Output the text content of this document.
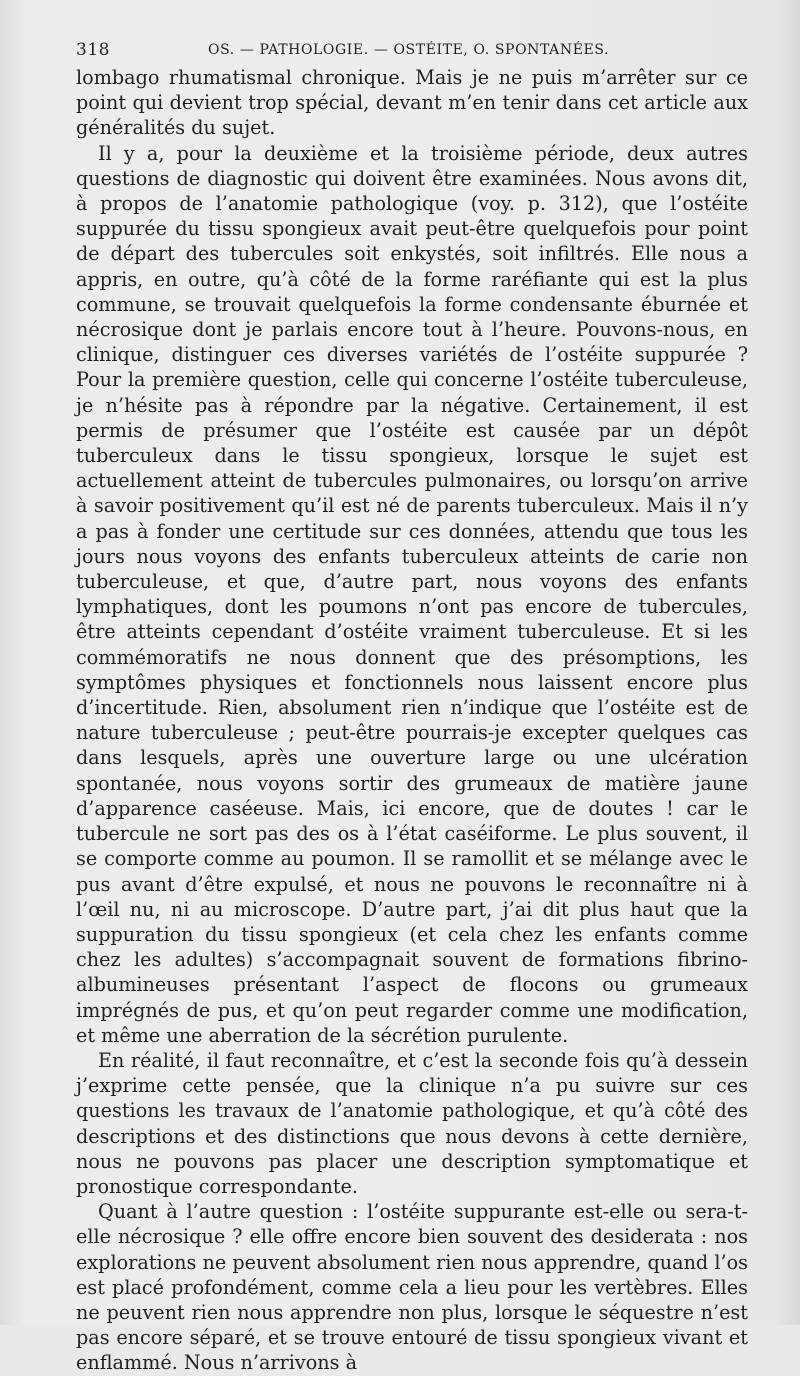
318	OS. — PATHOLOGIE. — OSTÉITE, O. SPONTANÉES.

lombago rhumatismal chronique. Mais je ne puis m’arrêter sur ce point qui devient trop spécial, devant m’en tenir dans cet article aux généralités du sujet.

Il y a, pour la deuxième et la troisième période, deux autres questions de diagnostic qui doivent être examinées. Nous avons dit, à propos de l’anatomie pathologique (voy. p. 312), que l’ostéite suppurée du tissu spongieux avait peut-être quelquefois pour point de départ des tubercules soit enkystés, soit infiltrés. Elle nous a appris, en outre, qu’à côté de la forme raréfiante qui est la plus commune, se trouvait quelquefois la forme condensante éburnée et nécrosique dont je parlais encore tout à l’heure. Pouvons-nous, en clinique, distinguer ces diverses variétés de l’ostéite suppurée ? Pour la première question, celle qui concerne l’ostéite tuberculeuse, je n’hésite pas à répondre par la négative. Certainement, il est permis de présumer que l’ostéite est causée par un dépôt tuberculeux dans le tissu spongieux, lorsque le sujet est actuellement atteint de tubercules pulmonaires, ou lorsqu’on arrive à savoir positivement qu’il est né de parents tuberculeux. Mais il n’y a pas à fonder une certitude sur ces données, attendu que tous les jours nous voyons des enfants tuberculeux atteints de carie non tuberculeuse, et que, d’autre part, nous voyons des enfants lymphatiques, dont les poumons n’ont pas encore de tubercules, être atteints cependant d’ostéite vraiment tuberculeuse. Et si les commémoratifs ne nous donnent que des présomptions, les symptômes physiques et fonctionnels nous laissent encore plus d’incertitude. Rien, absolument rien n’indique que l’ostéite est de nature tuberculeuse ; peut-être pourrais-je excepter quelques cas dans lesquels, après une ouverture large ou une ulcération spontanée, nous voyons sortir des grumeaux de matière jaune d’apparence caséeuse. Mais, ici encore, que de doutes ! car le tubercule ne sort pas des os à l’état caséiforme. Le plus souvent, il se comporte comme au poumon. Il se ramollit et se mélange avec le pus avant d’être expulsé, et nous ne pouvons le reconnaître ni à l’œil nu, ni au microscope. D’autre part, j’ai dit plus haut que la suppuration du tissu spongieux (et cela chez les enfants comme chez les adultes) s’accompagnait souvent de formations fibrino-albumineuses présentant l’aspect de flocons ou grumeaux imprégnés de pus, et qu’on peut regarder comme une modification, et même une aberration de la sécrétion purulente.

En réalité, il faut reconnaître, et c’est la seconde fois qu’à dessein j’exprime cette pensée, que la clinique n’a pu suivre sur ces questions les travaux de l’anatomie pathologique, et qu’à côté des descriptions et des distinctions que nous devons à cette dernière, nous ne pouvons pas placer une description symptomatique et pronostique correspondante.

Quant à l’autre question : l’ostéite suppurante est-elle ou sera-t-elle nécrosique ? elle offre encore bien souvent des desiderata : nos explorations ne peuvent absolument rien nous apprendre, quand l’os est placé profondément, comme cela a lieu pour les vertèbres. Elles ne peuvent rien nous apprendre non plus, lorsque le séquestre n’est pas encore séparé, et se trouve entouré de tissu spongieux vivant et enflammé. Nous n’arrivons à
